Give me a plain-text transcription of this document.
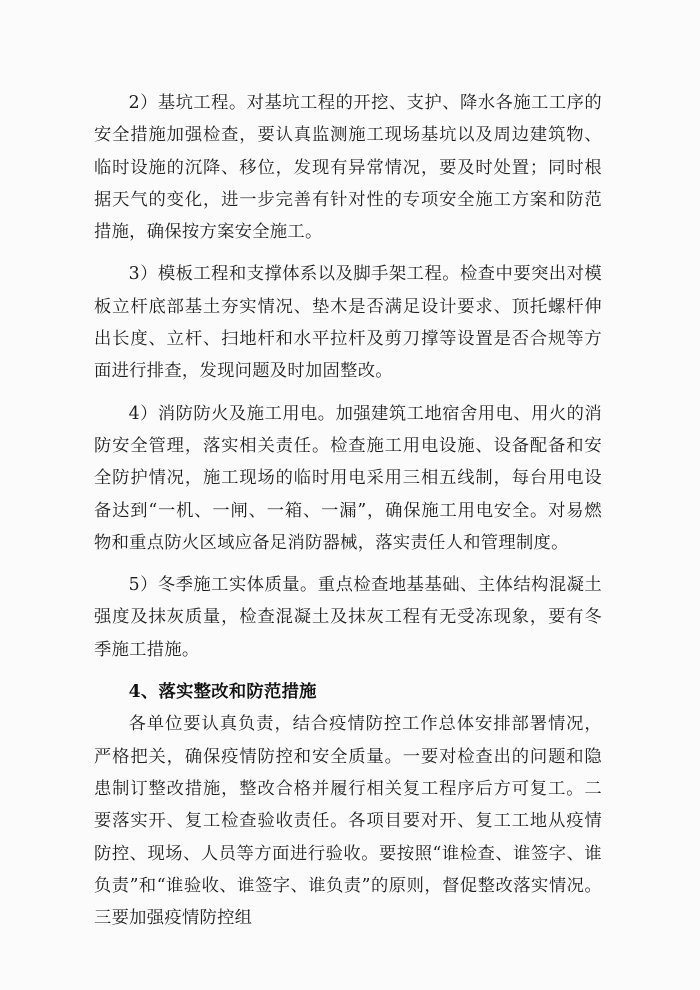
2）基坑工程。对基坑工程的开挖、支护、降水各施工工序的安全措施加强检查，要认真监测施工现场基坑以及周边建筑物、临时设施的沉降、移位，发现有异常情况，要及时处置；同时根据天气的变化，进一步完善有针对性的专项安全施工方案和防范措施，确保按方案安全施工。

3）模板工程和支撑体系以及脚手架工程。检查中要突出对模板立杆底部基土夯实情况、垫木是否满足设计要求、顶托螺杆伸出长度、立杆、扫地杆和水平拉杆及剪刀撑等设置是否合规等方面进行排查，发现问题及时加固整改。

4）消防防火及施工用电。加强建筑工地宿舍用电、用火的消防安全管理，落实相关责任。检查施工用电设施、设备配备和安全防护情况，施工现场的临时用电采用三相五线制，每台用电设备达到“一机、一闸、一箱、一漏”，确保施工用电安全。对易燃物和重点防火区域应备足消防器械，落实责任人和管理制度。

5）冬季施工实体质量。重点检查地基基础、主体结构混凝土强度及抹灰质量，检查混凝土及抹灰工程有无受冻现象，要有冬季施工措施。

4、落实整改和防范措施

各单位要认真负责，结合疫情防控工作总体安排部署情况，严格把关，确保疫情防控和安全质量。一要对检查出的问题和隐患制订整改措施，整改合格并履行相关复工程序后方可复工。二要落实开、复工检查验收责任。各项目要对开、复工工地从疫情防控、现场、人员等方面进行验收。要按照“谁检查、谁签字、谁负责”和“谁验收、谁签字、谁负责”的原则，督促整改落实情况。三要加强疫情防控组
